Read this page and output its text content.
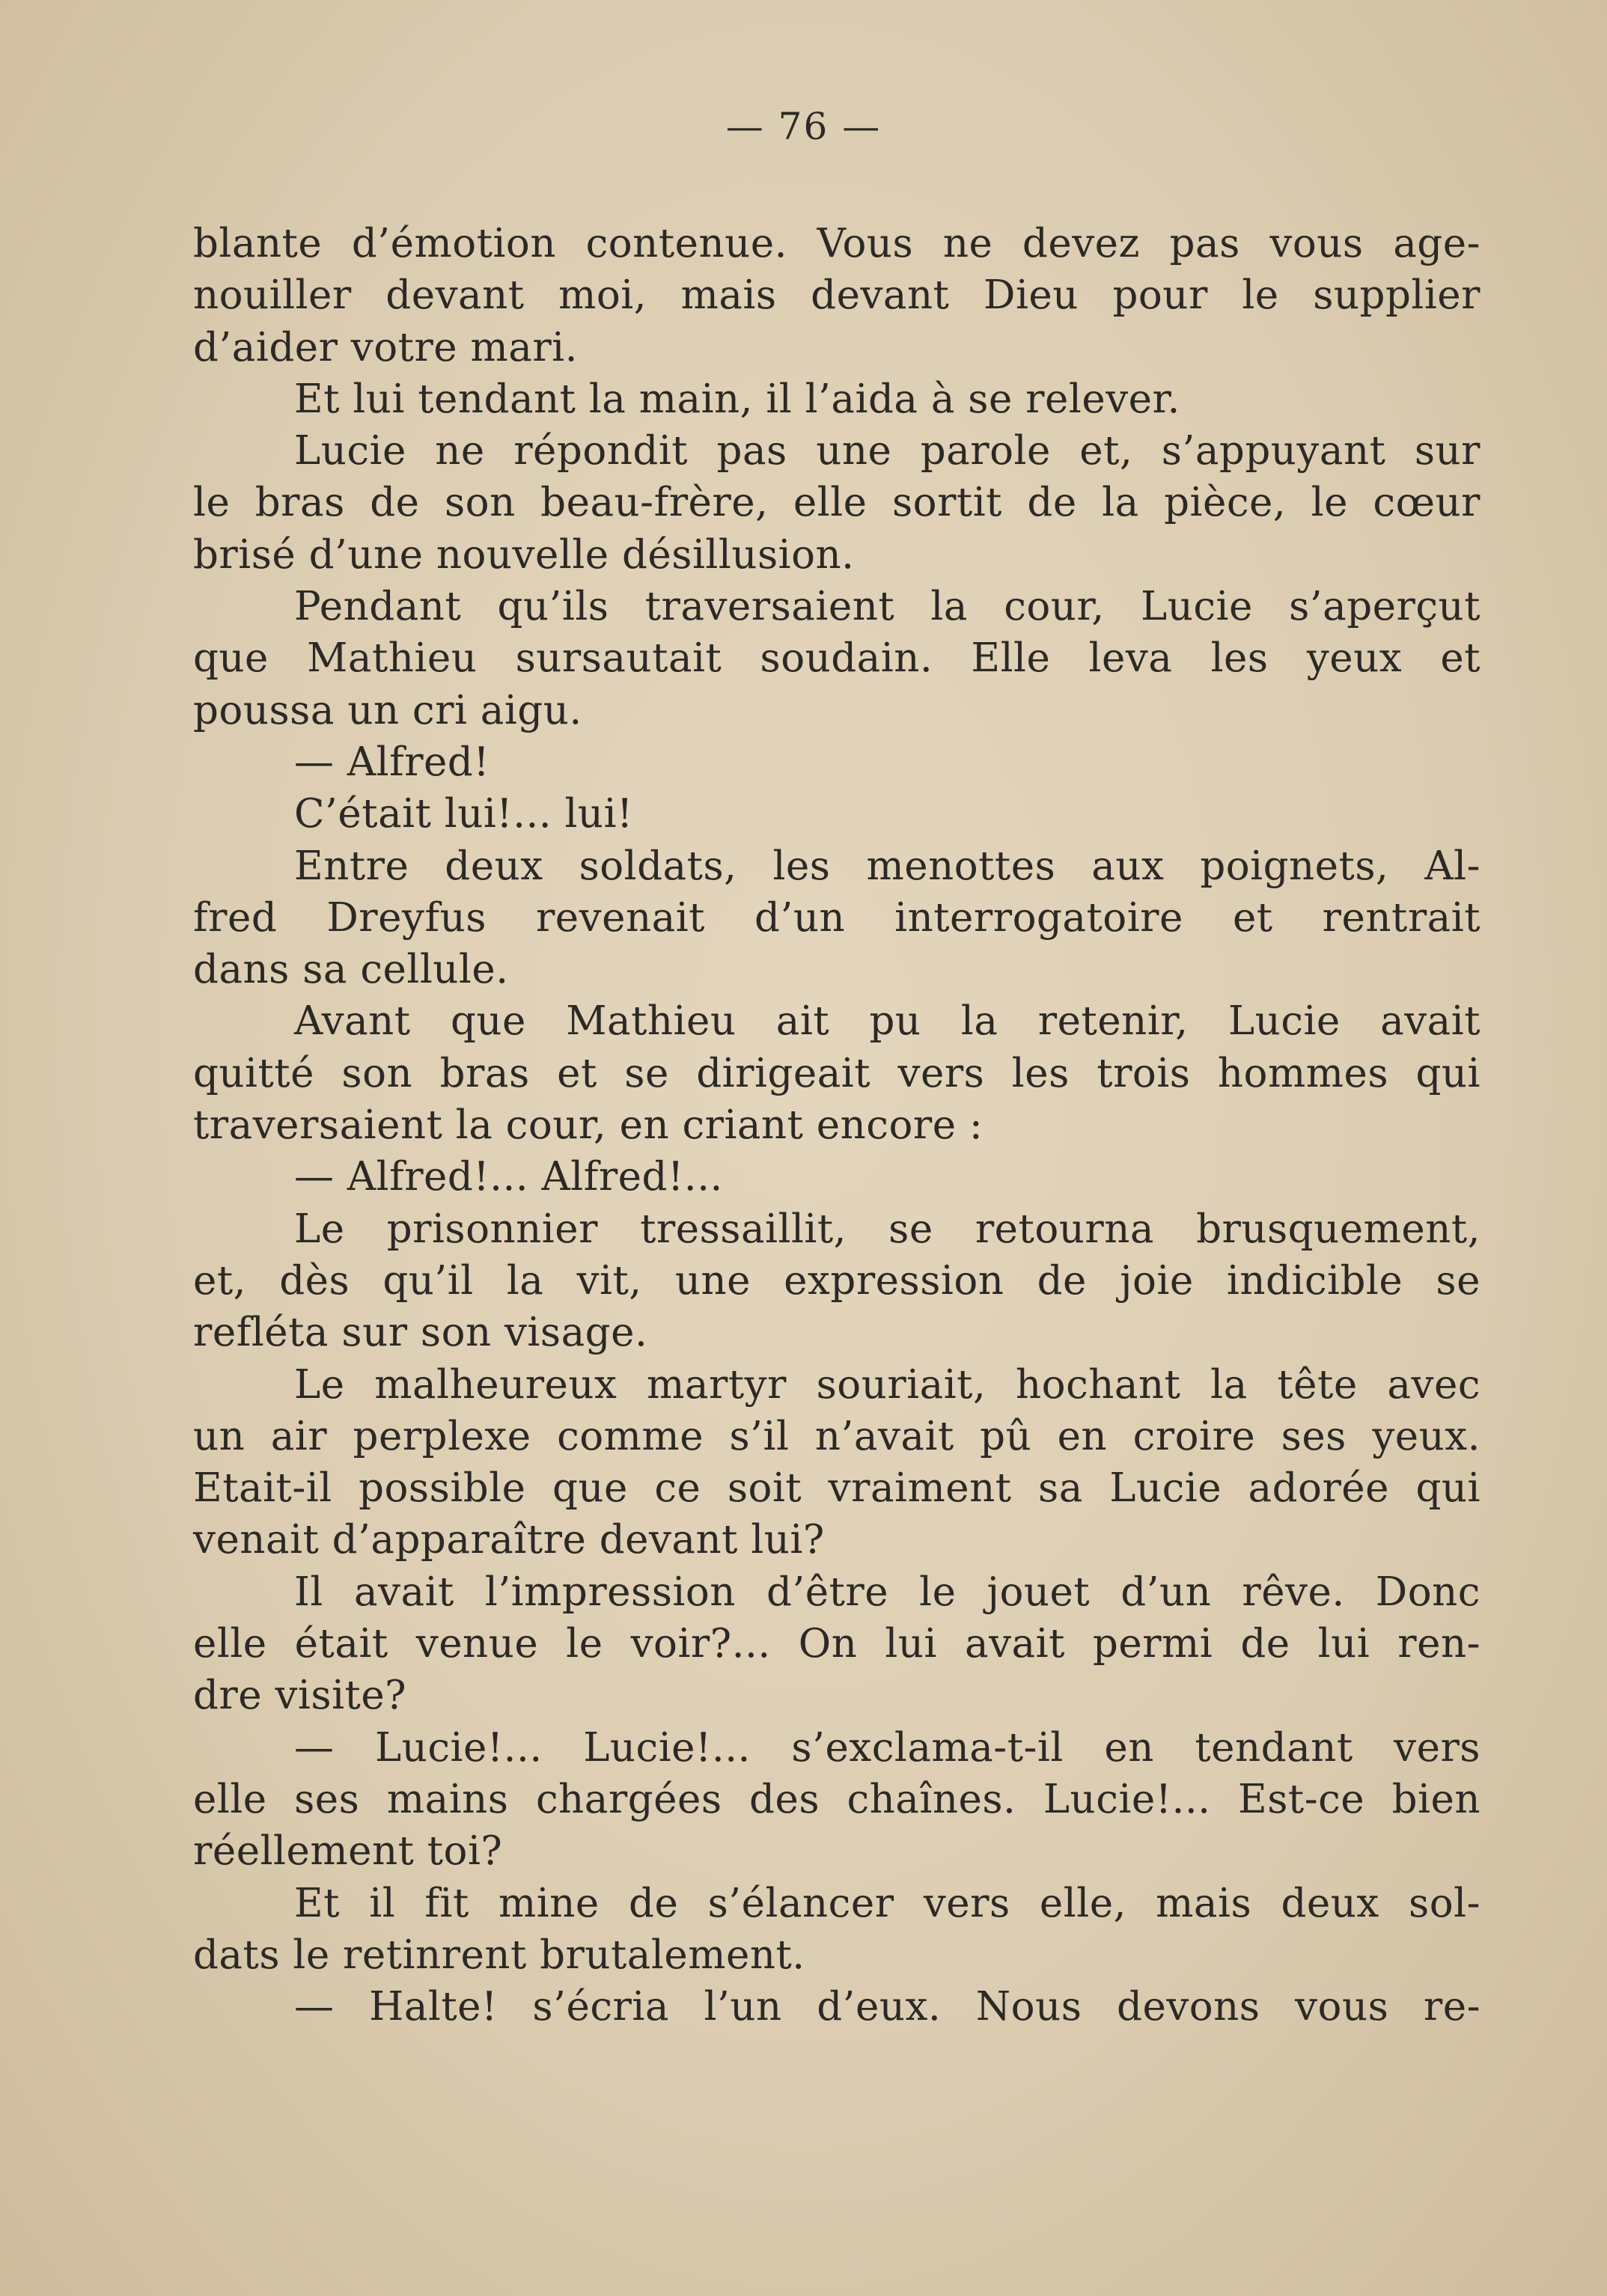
— 76 —
blante d’émotion contenue. Vous ne devez pas vous age-
nouiller devant moi, mais devant Dieu pour le supplier
d’aider votre mari.
Et lui tendant la main, il l’aida à se relever.
Lucie ne répondit pas une parole et, s’appuyant sur
le bras de son beau-frère, elle sortit de la pièce, le cœur
brisé d’une nouvelle désillusion.
Pendant qu’ils traversaient la cour, Lucie s’aperçut
que Mathieu sursautait soudain. Elle leva les yeux et
poussa un cri aigu.
— Alfred!
C’était lui!... lui!
Entre deux soldats, les menottes aux poignets, Al-
fred Dreyfus revenait d’un interrogatoire et rentrait
dans sa cellule.
Avant que Mathieu ait pu la retenir, Lucie avait
quitté son bras et se dirigeait vers les trois hommes qui
traversaient la cour, en criant encore :
— Alfred!... Alfred!...
Le prisonnier tressaillit, se retourna brusquement,
et, dès qu’il la vit, une expression de joie indicible se
refléta sur son visage.
Le malheureux martyr souriait, hochant la tête avec
un air perplexe comme s’il n’avait pû en croire ses yeux.
Etait-il possible que ce soit vraiment sa Lucie adorée qui
venait d’apparaître devant lui?
Il avait l’impression d’être le jouet d’un rêve. Donc
elle était venue le voir?... On lui avait permi de lui ren-
dre visite?
— Lucie!... Lucie!... s’exclama-t-il en tendant vers
elle ses mains chargées des chaînes. Lucie!... Est-ce bien
réellement toi?
Et il fit mine de s’élancer vers elle, mais deux sol-
dats le retinrent brutalement.
— Halte! s’écria l’un d’eux. Nous devons vous re-
